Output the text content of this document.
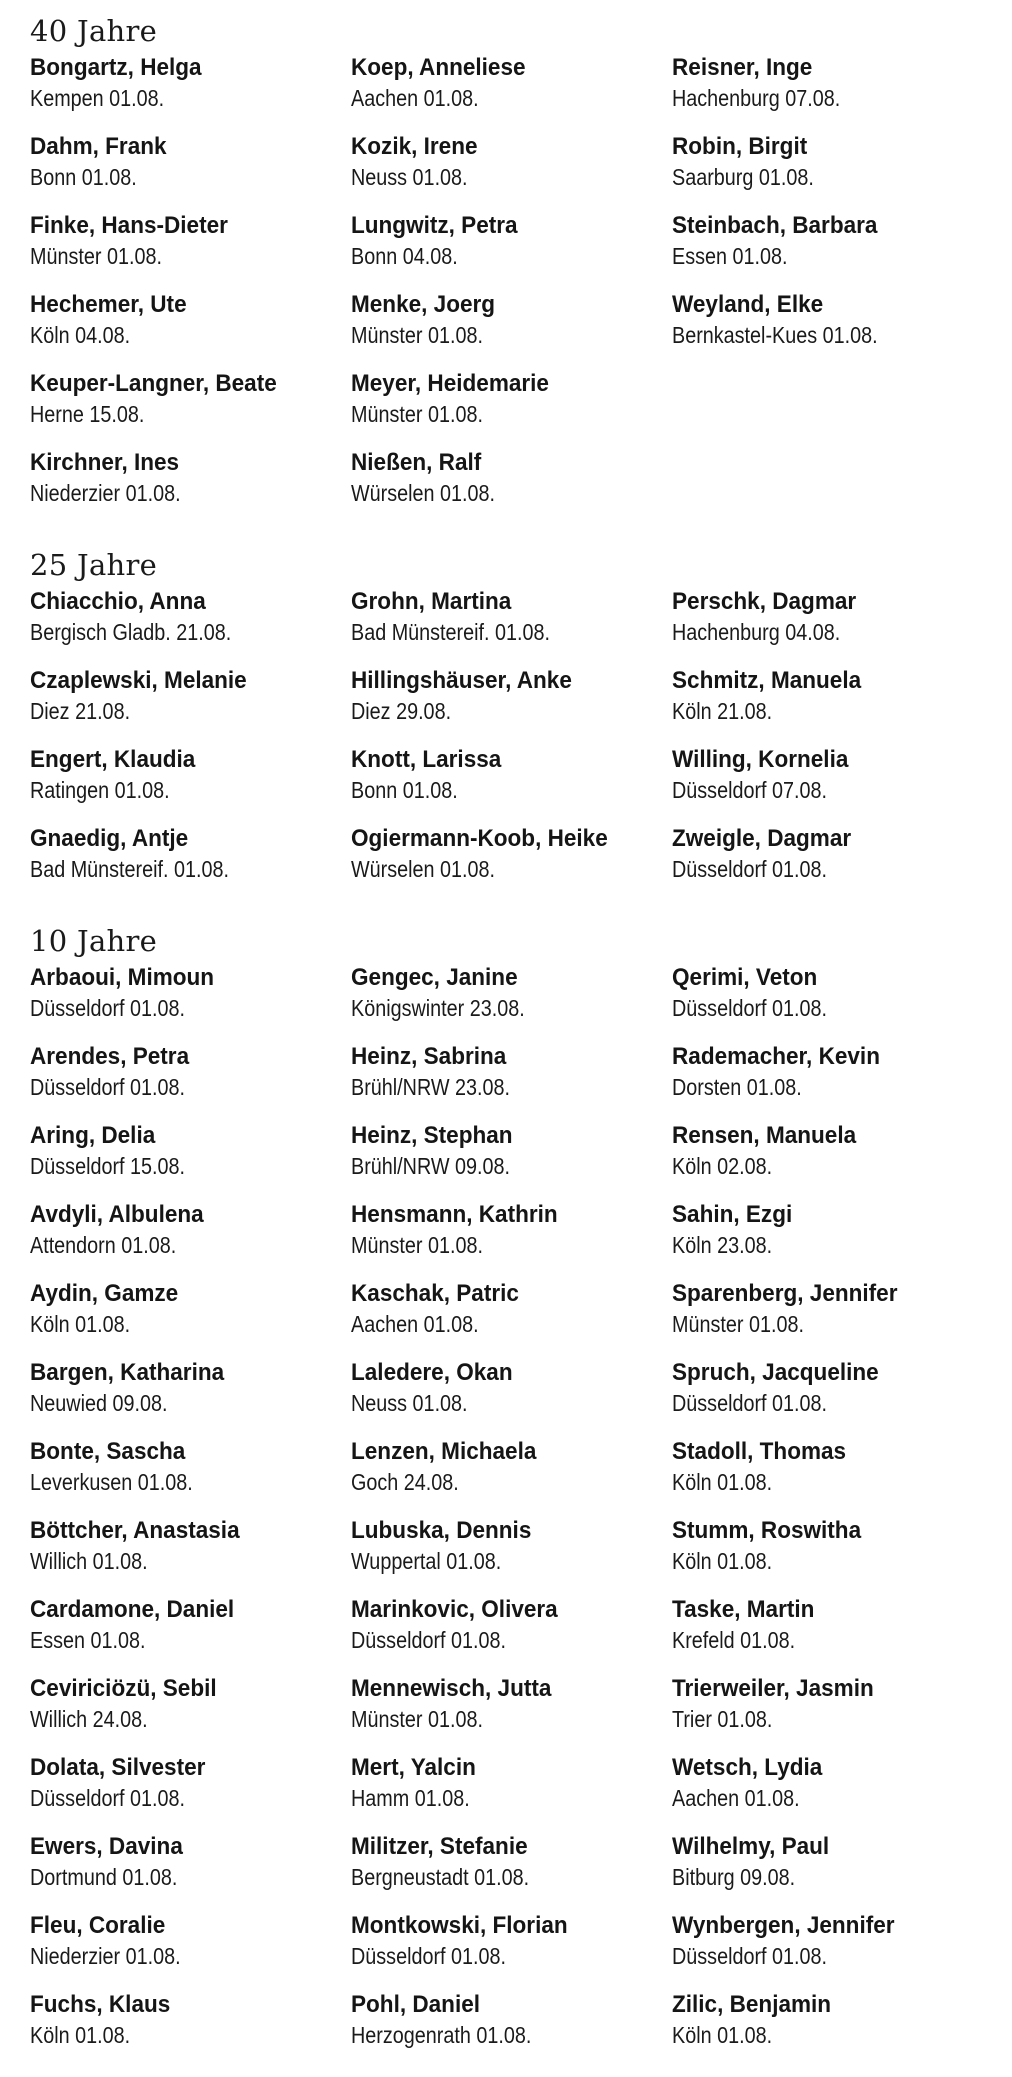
40 Jahre
Bongartz, Helga
Kempen 01.08.
Dahm, Frank
Bonn 01.08.
Finke, Hans-Dieter
Münster 01.08.
Hechemer, Ute
Köln 04.08.
Keuper-Langner, Beate
Herne 15.08.
Kirchner, Ines
Niederzier 01.08.
Koep, Anneliese
Aachen 01.08.
Kozik, Irene
Neuss 01.08.
Lungwitz, Petra
Bonn 04.08.
Menke, Joerg
Münster 01.08.
Meyer, Heidemarie
Münster 01.08.
Nießen, Ralf
Würselen 01.08.
Reisner, Inge
Hachenburg 07.08.
Robin, Birgit
Saarburg 01.08.
Steinbach, Barbara
Essen 01.08.
Weyland, Elke
Bernkastel-Kues 01.08.
25 Jahre
Chiacchio, Anna
Bergisch Gladb. 21.08.
Czaplewski, Melanie
Diez 21.08.
Engert, Klaudia
Ratingen 01.08.
Gnaedig, Antje
Bad Münstereif. 01.08.
Grohn, Martina
Bad Münstereif. 01.08.
Hillingshäuser, Anke
Diez 29.08.
Knott, Larissa
Bonn 01.08.
Ogiermann-Koob, Heike
Würselen 01.08.
Perschk, Dagmar
Hachenburg 04.08.
Schmitz, Manuela
Köln 21.08.
Willing, Kornelia
Düsseldorf 07.08.
Zweigle, Dagmar
Düsseldorf 01.08.
10 Jahre
Arbaoui, Mimoun
Düsseldorf 01.08.
Arendes, Petra
Düsseldorf 01.08.
Aring, Delia
Düsseldorf 15.08.
Avdyli, Albulena
Attendorn 01.08.
Aydin, Gamze
Köln 01.08.
Bargen, Katharina
Neuwied 09.08.
Bonte, Sascha
Leverkusen 01.08.
Böttcher, Anastasia
Willich 01.08.
Cardamone, Daniel
Essen 01.08.
Ceviriciözü, Sebil
Willich 24.08.
Dolata, Silvester
Düsseldorf 01.08.
Ewers, Davina
Dortmund 01.08.
Fleu, Coralie
Niederzier 01.08.
Fuchs, Klaus
Köln 01.08.
Gengec, Janine
Königswinter 23.08.
Heinz, Sabrina
Brühl/NRW 23.08.
Heinz, Stephan
Brühl/NRW 09.08.
Hensmann, Kathrin
Münster 01.08.
Kaschak, Patric
Aachen 01.08.
Laledere, Okan
Neuss 01.08.
Lenzen, Michaela
Goch 24.08.
Lubuska, Dennis
Wuppertal 01.08.
Marinkovic, Olivera
Düsseldorf 01.08.
Mennewisch, Jutta
Münster 01.08.
Mert, Yalcin
Hamm 01.08.
Militzer, Stefanie
Bergneustadt 01.08.
Montkowski, Florian
Düsseldorf 01.08.
Pohl, Daniel
Herzogenrath 01.08.
Qerimi, Veton
Düsseldorf 01.08.
Rademacher, Kevin
Dorsten 01.08.
Rensen, Manuela
Köln 02.08.
Sahin, Ezgi
Köln 23.08.
Sparenberg, Jennifer
Münster 01.08.
Spruch, Jacqueline
Düsseldorf 01.08.
Stadoll, Thomas
Köln 01.08.
Stumm, Roswitha
Köln 01.08.
Taske, Martin
Krefeld 01.08.
Trierweiler, Jasmin
Trier 01.08.
Wetsch, Lydia
Aachen 01.08.
Wilhelmy, Paul
Bitburg 09.08.
Wynbergen, Jennifer
Düsseldorf 01.08.
Zilic, Benjamin
Köln 01.08.
